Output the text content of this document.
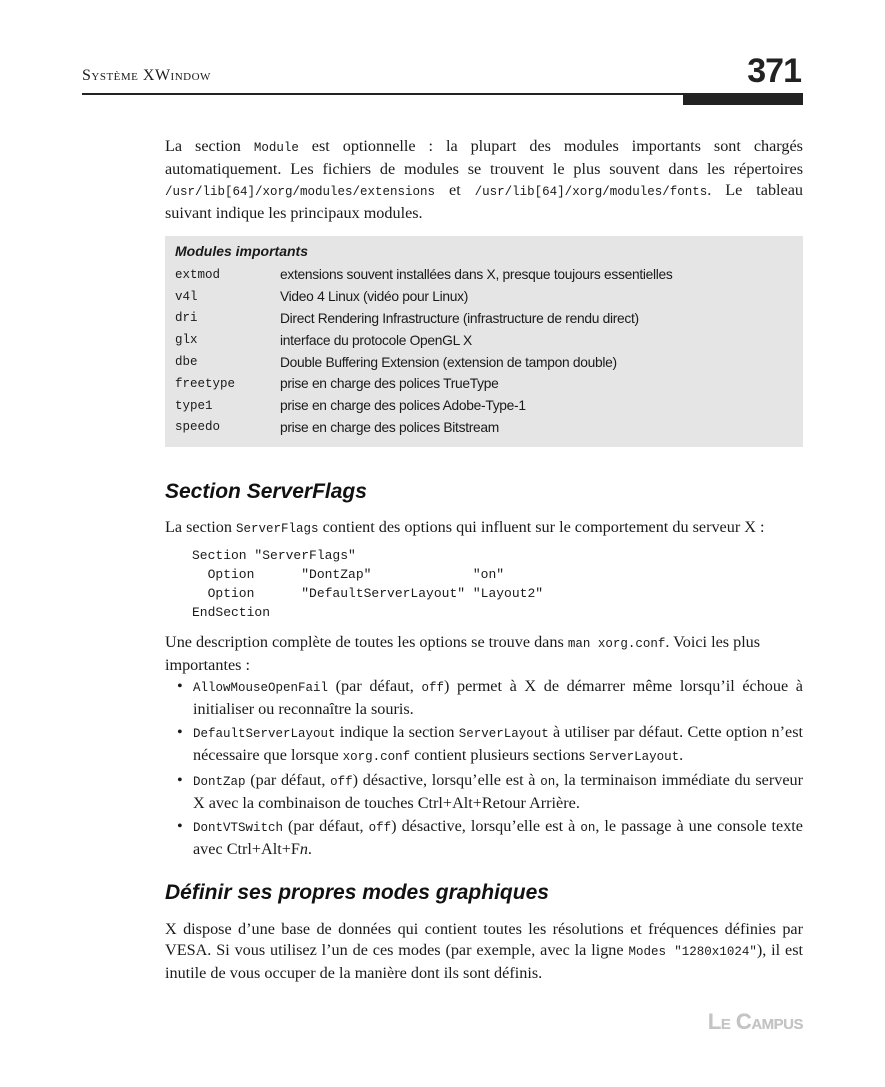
Système XWindow	371
La section Module est optionnelle : la plupart des modules importants sont chargés automatiquement. Les fichiers de modules se trouvent le plus souvent dans les répertoires /usr/lib[64]/xorg/modules/extensions et /usr/lib[64]/xorg/modules/fonts. Le tableau suivant indique les principaux modules.
Modules importants
extmod	extensions souvent installées dans X, presque toujours essentielles
v4l	Video 4 Linux (vidéo pour Linux)
dri	Direct Rendering Infrastructure (infrastructure de rendu direct)
glx	interface du protocole OpenGL X
dbe	Double Buffering Extension (extension de tampon double)
freetype	prise en charge des polices TrueType
type1	prise en charge des polices Adobe-Type-1
speedo	prise en charge des polices Bitstream
Section ServerFlags
La section ServerFlags contient des options qui influent sur le comportement du serveur X :
Section "ServerFlags"
Option      "DontZap"             "on"
Option      "DefaultServerLayout" "Layout2"
EndSection
Une description complète de toutes les options se trouve dans man xorg.conf. Voici les plus importantes :
• AllowMouseOpenFail (par défaut, off) permet à X de démarrer même lorsqu’il échoue à initialiser ou reconnaître la souris.
• DefaultServerLayout indique la section ServerLayout à utiliser par défaut. Cette option n’est nécessaire que lorsque xorg.conf contient plusieurs sections ServerLayout.
• DontZap (par défaut, off) désactive, lorsqu’elle est à on, la terminaison immédiate du serveur X avec la combinaison de touches Ctrl+Alt+Retour Arrière.
• DontVTSwitch (par défaut, off) désactive, lorsqu’elle est à on, le passage à une console texte avec Ctrl+Alt+Fn.
Définir ses propres modes graphiques
X dispose d’une base de données qui contient toutes les résolutions et fréquences définies par VESA. Si vous utilisez l’un de ces modes (par exemple, avec la ligne Modes "1280x1024"), il est inutile de vous occuper de la manière dont ils sont définis.
Le Campus
